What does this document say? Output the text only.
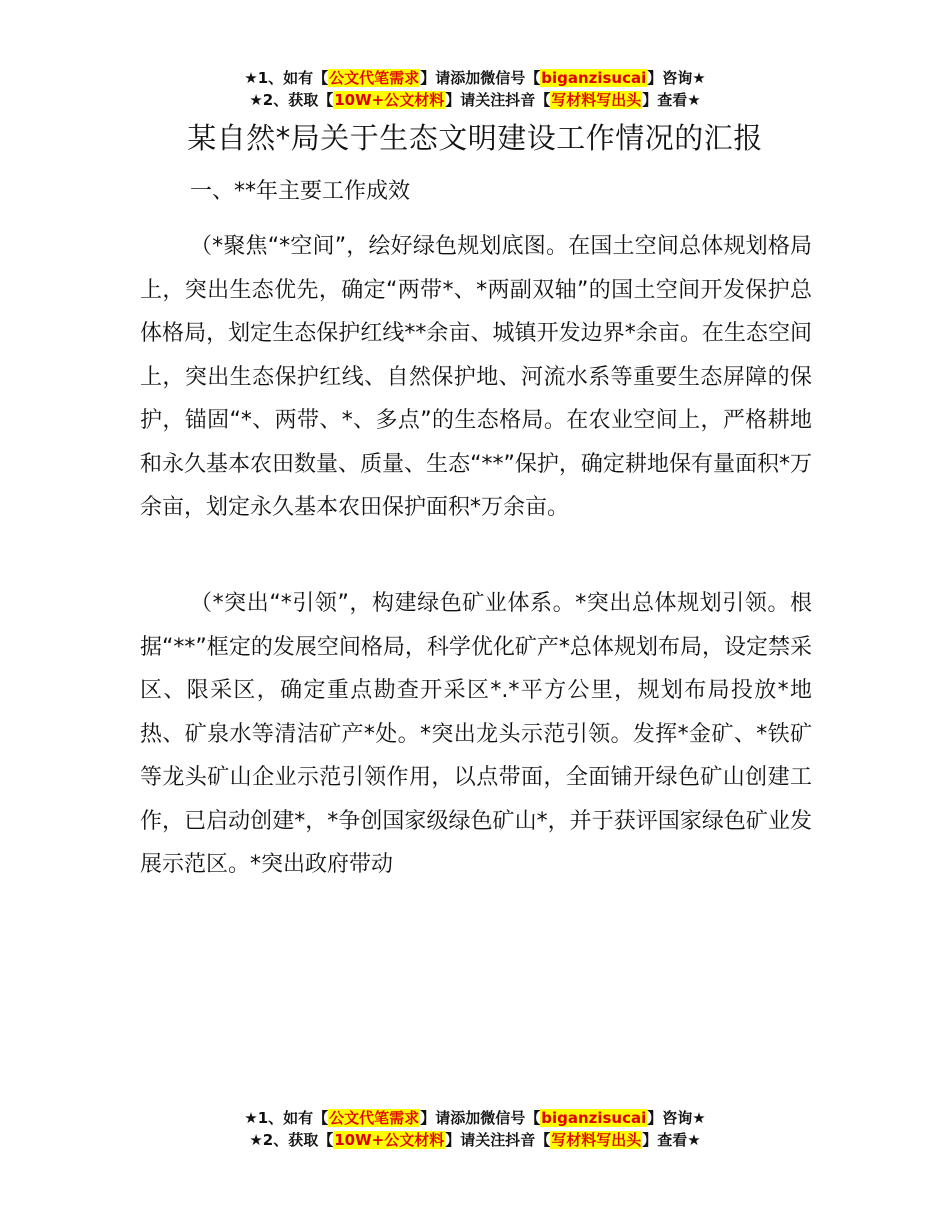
★1、如有【公文代笔需求】请添加微信号【biganzisucai】咨询★
★2、获取【10W+公文材料】请关注抖音【写材料写出头】查看★
某自然*局关于生态文明建设工作情况的汇报
一、**年主要工作成效

（*聚焦“*空间”，绘好绿色规划底图。在国土空间总体规划格局上，突出生态优先，确定“两带*、*两副双轴”的国土空间开发保护总体格局，划定生态保护红线**余亩、城镇开发边界*余亩。在生态空间上，突出生态保护红线、自然保护地、河流水系等重要生态屏障的保护，锚固“*、两带、*、多点”的生态格局。在农业空间上，严格耕地和永久基本农田数量、质量、生态“**”保护，确定耕地保有量面积*万余亩，划定永久基本农田保护面积*万余亩。

（*突出“*引领”，构建绿色矿业体系。*突出总体规划引领。根据“**”框定的发展空间格局，科学优化矿产*总体规划布局，设定禁采区、限采区，确定重点勘查开采区*.*平方公里，规划布局投放*地热、矿泉水等清洁矿产*处。*突出龙头示范引领。发挥*金矿、*铁矿等龙头矿山企业示范引领作用，以点带面，全面铺开绿色矿山创建工作，已启动创建*，*争创国家级绿色矿山*，并于获评国家绿色矿业发展示范区。*突出政府带动

★1、如有【公文代笔需求】请添加微信号【biganzisucai】咨询★
★2、获取【10W+公文材料】请关注抖音【写材料写出头】查看★
